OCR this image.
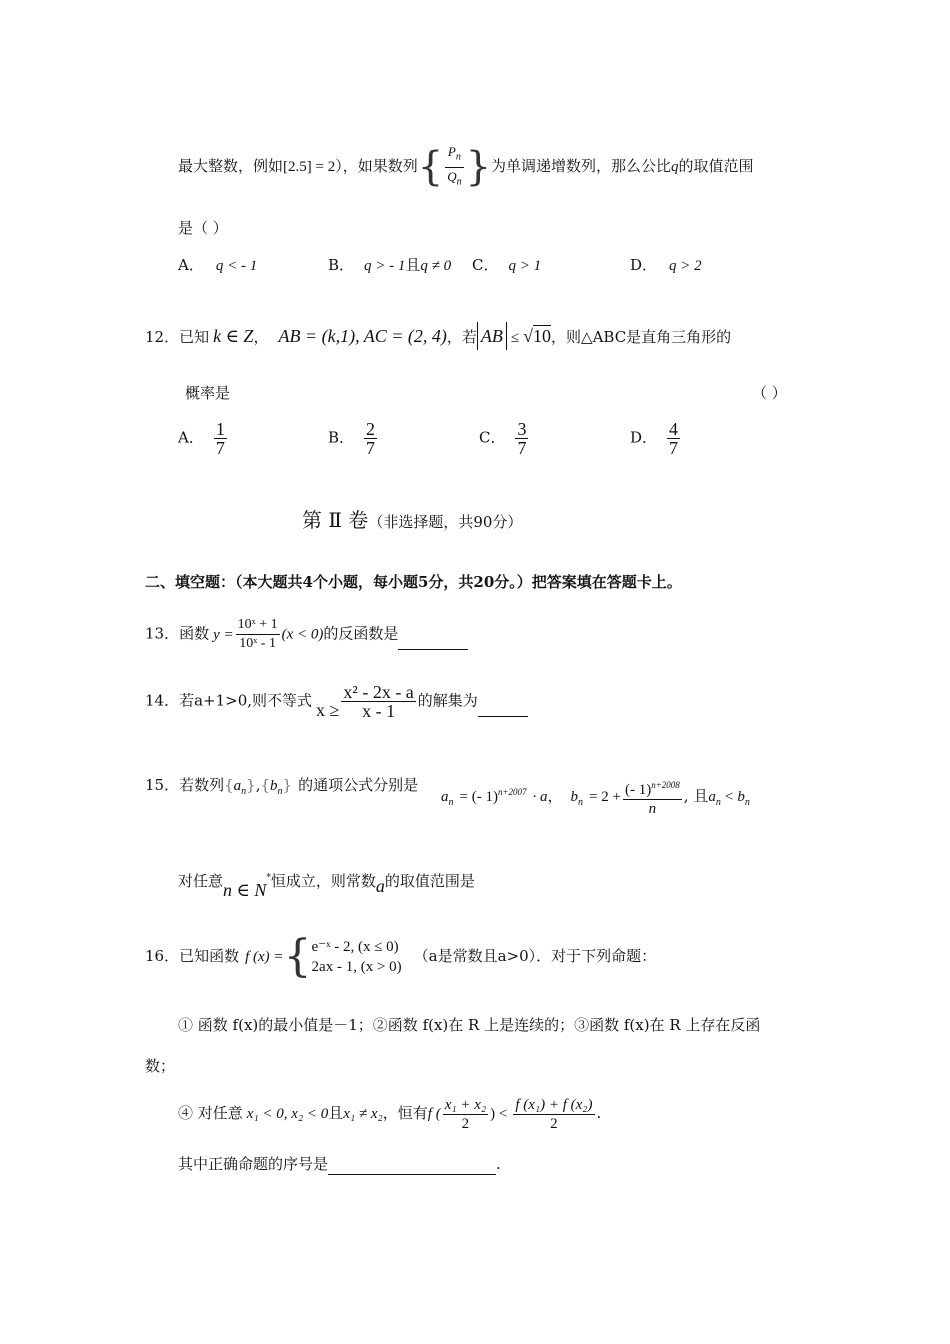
最大整数，例如[2.5] = 2），如果数列{ $\frac{P_n}{Q_n}$ }为单调递增数列，那么公比q的取值范围
是（ ）
A． q < - 1	B． q > - 1且q ≠ 0 C． q > 1	D． q > 2
12．已知 k ∈ Z， AB = (k,1), AC = (2, 4)，若 AB ≤ √10，则△ABC是直角三角形的
概率是	（ ）
A． $\frac{1}{7}$	B． $\frac{2}{7}$	C． $\frac{3}{7}$	D． $\frac{4}{7}$
第 Ⅱ 卷（非选择题，共90分）
二、填空题：（本大题共4个小题，每小题5分，共20分。）把答案填在答题卡上。
13．函数 $y = \frac{\text{10ˣ + 1}}{\text{10ˣ - 1}} (x < 0)$的反函数是
14．若a+1>0,则不等式 $x \ge \frac{\text{x² - 2x - a}}{x - 1}$ 的解集为
15．若数列$\{a_n\},\{b_n\}$ 的通项公式分别是
$a_n$ = (- 1)$^{n+2007}$ · a， $b_n = 2 + \frac{(- 1)^{n+2008}}{n}$ , 且$a_n < b_n$
对任意n ∈ N*恒成立，则常数a的取值范围是
16．已知函数 f (x) ={ e⁻ˣ - 2, (x ≤ 0)
2ax - 1, (x > 0)
（a是常数且a>0）．对于下列命题：
① 函数 f(x)的最小值是－1；②函数 f(x)在 R 上是连续的；③函数 f(x)在 R 上存在反函
数；
④ 对任意 x₁ < 0, x₂ < 0且x₁ ≠ x₂，恒有f ( $\frac{\text{x₁ + x₂}}{2}$ ) < $\frac{\text{f (x₁) + f (x₂)}}{2}$ .
其中正确命题的序号是	.
